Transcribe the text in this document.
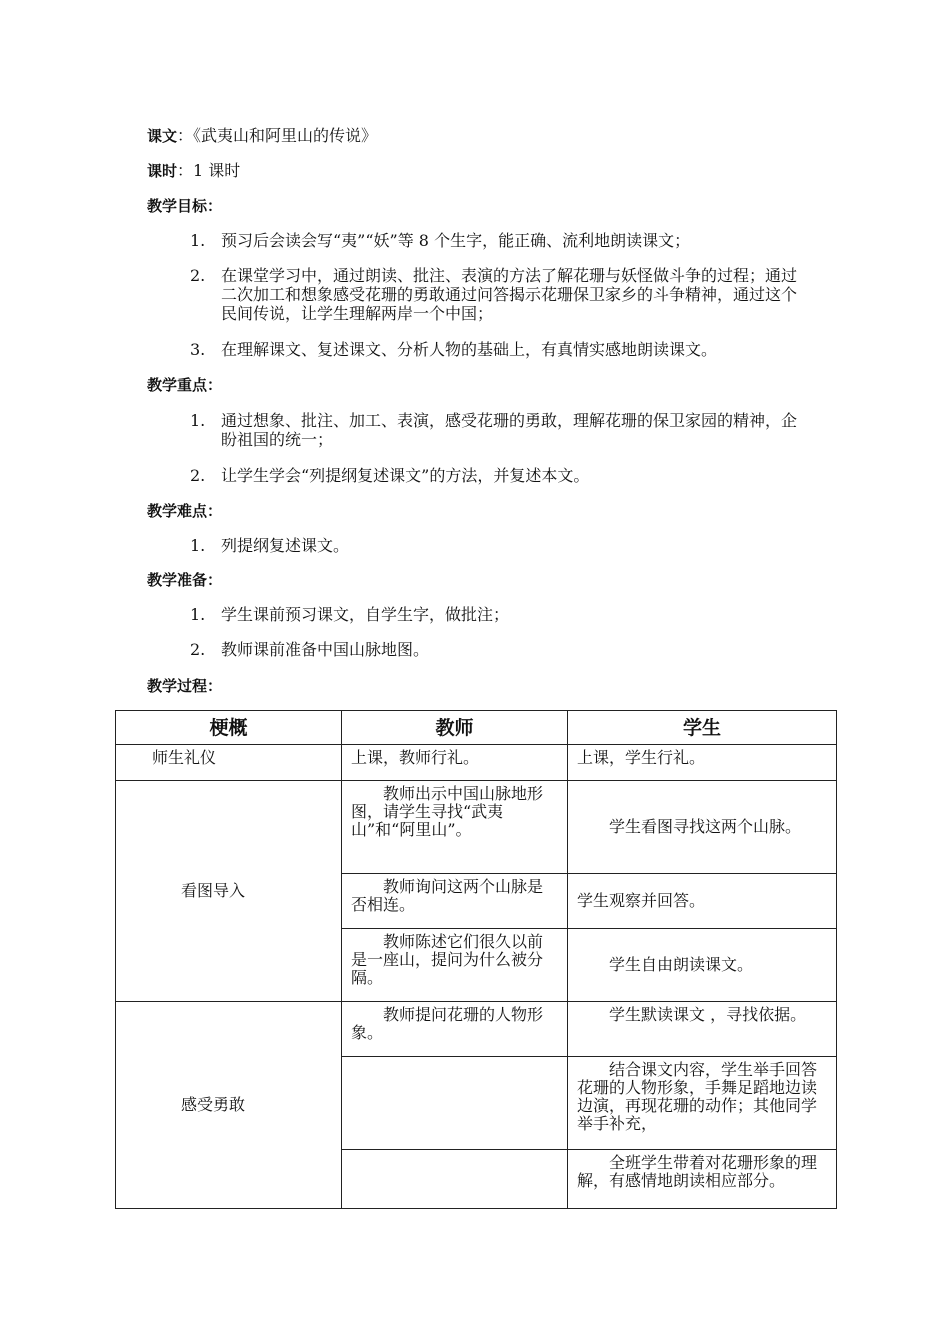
课文：《武夷山和阿里山的传说》
课时：1 课时
教学目标：
1. 预习后会读会写“夷”“妖”等 8 个生字，能正确、流利地朗读课文；
2. 在课堂学习中，通过朗读、批注、表演的方法了解花珊与妖怪做斗争的过程；通过二次加工和想象感受花珊的勇敢通过问答揭示花珊保卫家乡的斗争精神，通过这个民间传说，让学生理解两岸一个中国；
3. 在理解课文、复述课文、分析人物的基础上，有真情实感地朗读课文。
教学重点：
1. 通过想象、批注、加工、表演，感受花珊的勇敢，理解花珊的保卫家园的精神，企盼祖国的统一；
2. 让学生学会“列提纲复述课文”的方法，并复述本文。
教学难点：
1. 列提纲复述课文。
教学准备：
1. 学生课前预习课文，自学生字，做批注；
2. 教师课前准备中国山脉地图。
教学过程：
梗概	教师	学生
师生礼仪	上课，教师行礼。	上课，学生行礼。
看图导入	教师出示中国山脉地形图，请学生寻找“武夷山”和“阿里山”。	学生看图寻找这两个山脉。
	教师询问这两个山脉是否相连。	学生观察并回答。
	教师陈述它们很久以前是一座山，提问为什么被分隔。	学生自由朗读课文。
感受勇敢	教师提问花珊的人物形象。	学生默读课文 ，寻找依据。
		结合课文内容，学生举手回答花珊的人物形象，手舞足蹈地边读边演，再现花珊的动作；其他同学举手补充，
		全班学生带着对花珊形象的理解，有感情地朗读相应部分。
